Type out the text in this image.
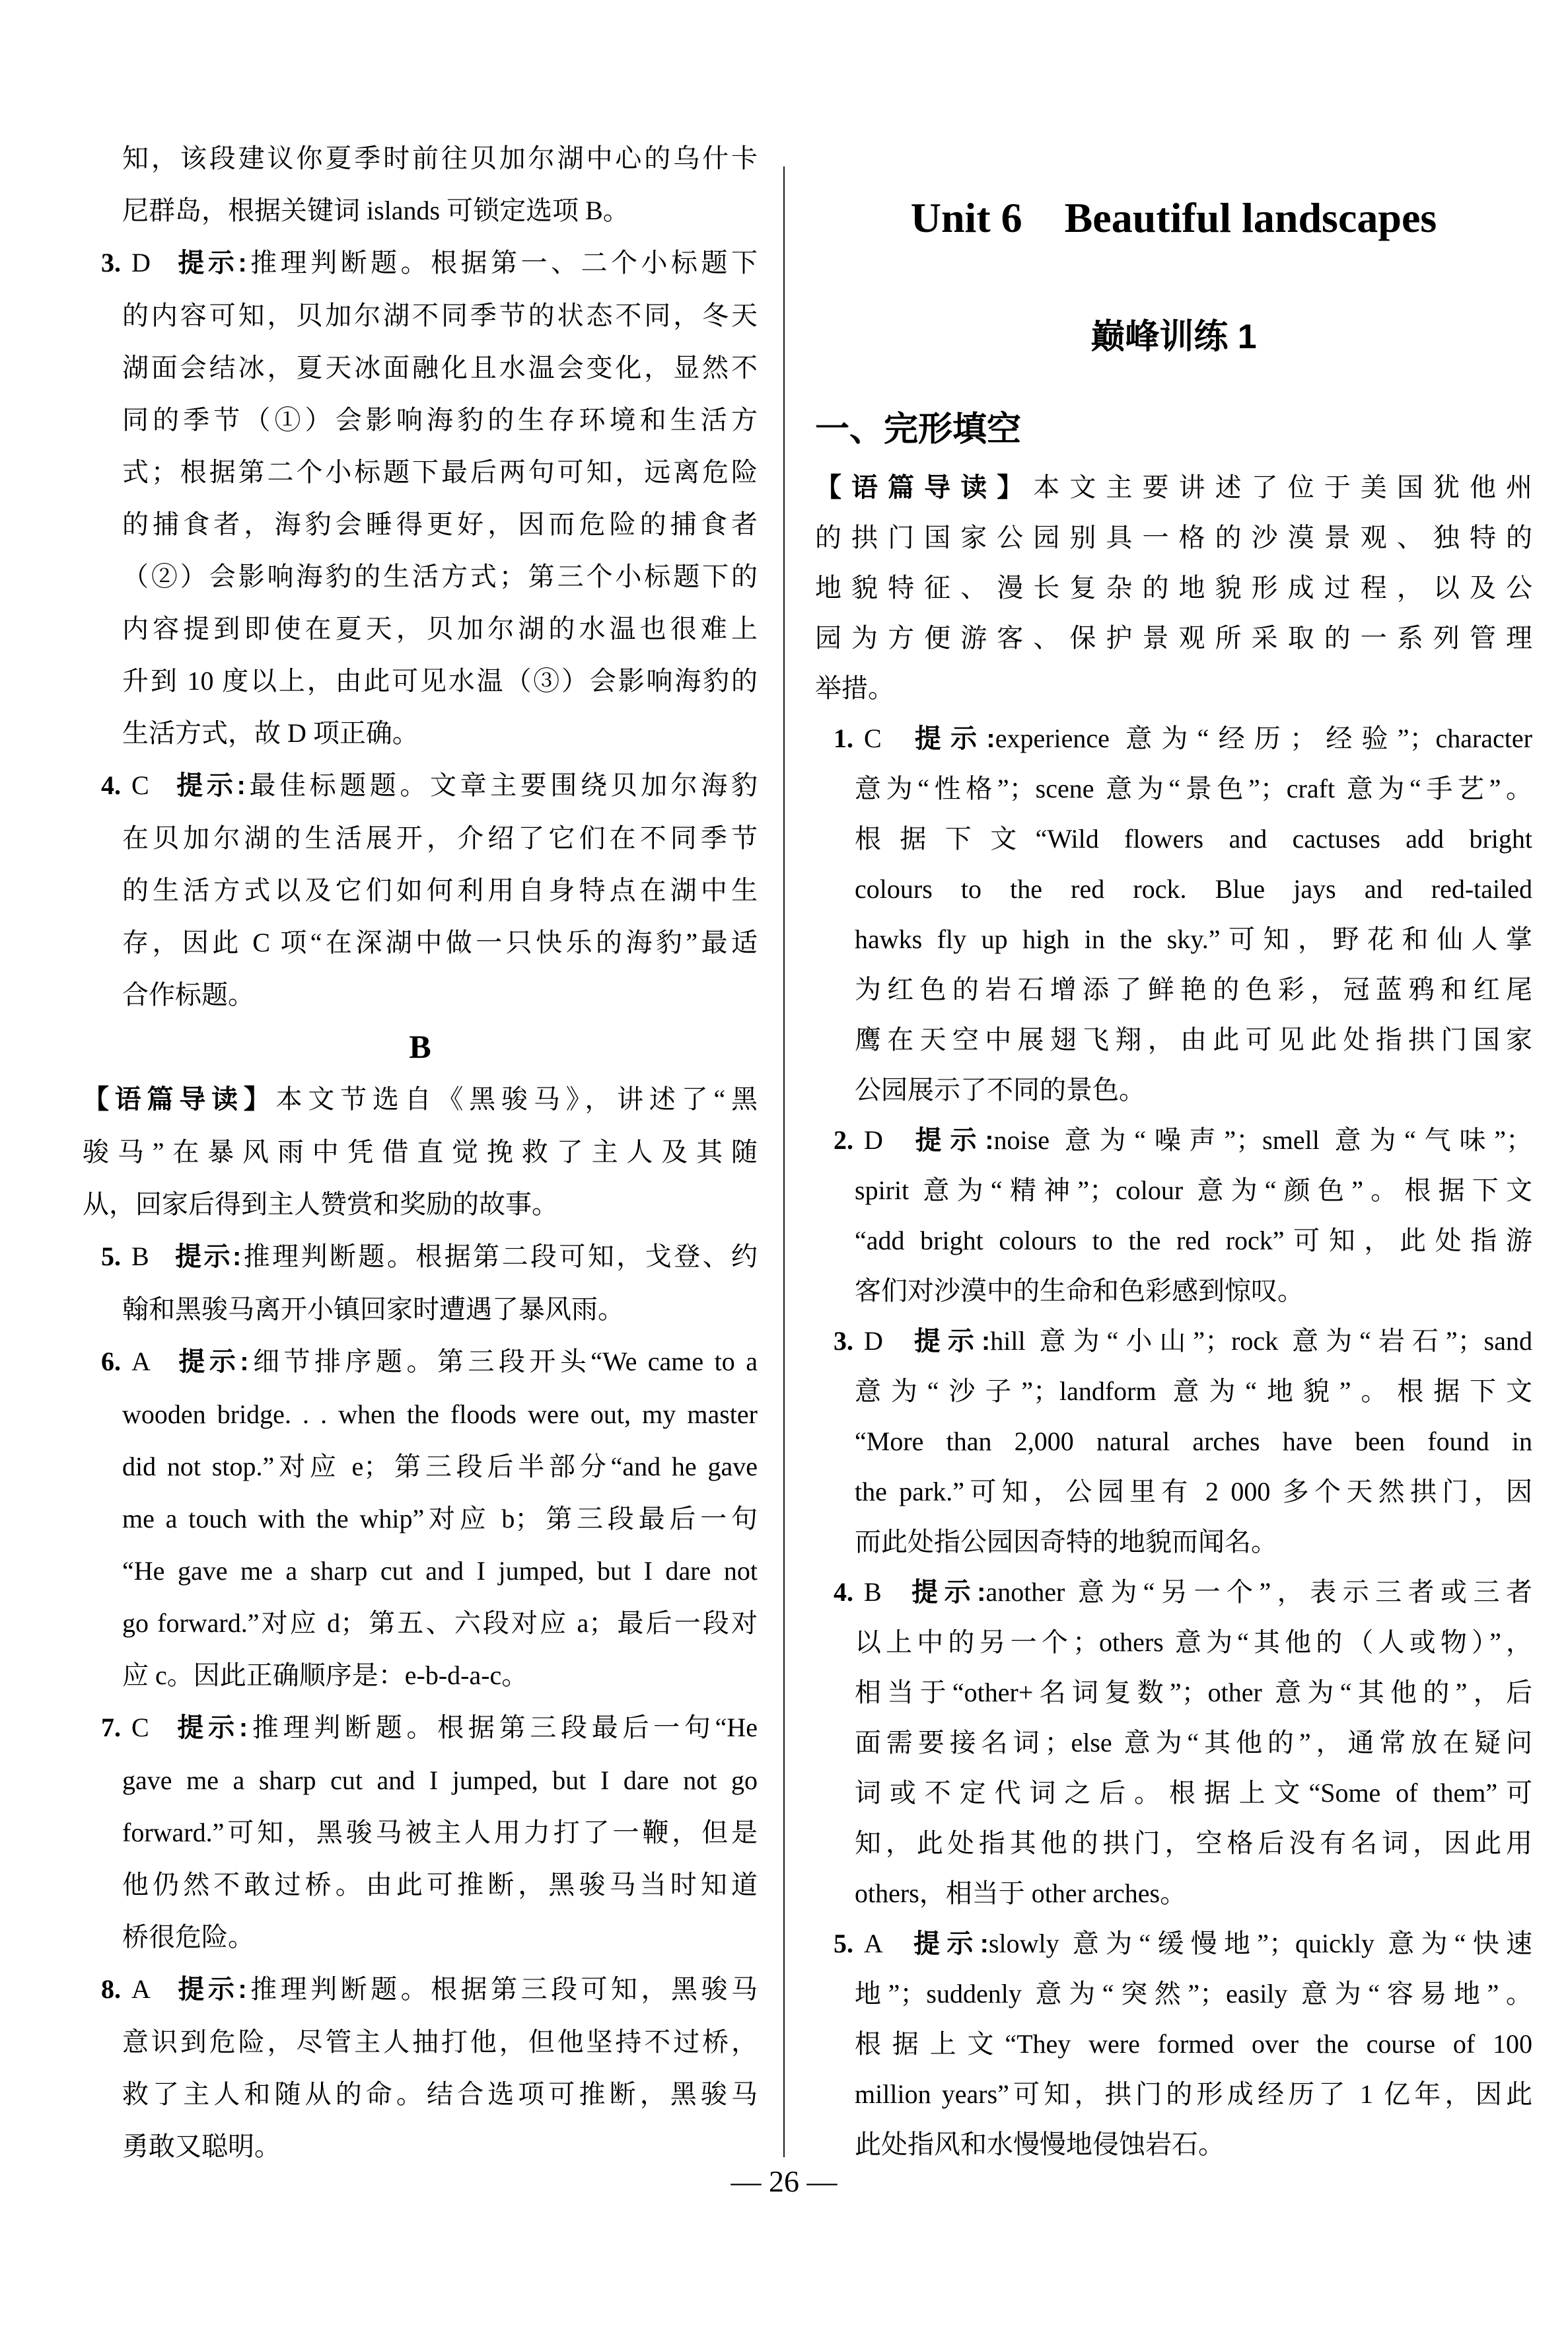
知，该段建议你夏季时前往贝加尔湖中心的乌什卡
尼群岛，根据关键词 islands 可锁定选项 B。
3. D 提示:推理判断题。根据第一、二个小标题下
的内容可知，贝加尔湖不同季节的状态不同，冬天
湖面会结冰，夏天冰面融化且水温会变化，显然不
同的季节（①）会影响海豹的生存环境和生活方
式；根据第二个小标题下最后两句可知，远离危险
的捕食者，海豹会睡得更好，因而危险的捕食者
（②）会影响海豹的生活方式；第三个小标题下的
内容提到即使在夏天，贝加尔湖的水温也很难上
升到 10 度以上，由此可见水温（③）会影响海豹的
生活方式，故 D 项正确。
4. C 提示:最佳标题题。文章主要围绕贝加尔海豹
在贝加尔湖的生活展开，介绍了它们在不同季节
的生活方式以及它们如何利用自身特点在湖中生
存，因此 C 项“在深湖中做一只快乐的海豹”最适
合作标题。
B
【语篇导读】本文节选自《黑骏马》，讲述了“黑
骏马”在暴风雨中凭借直觉挽救了主人及其随
从，回家后得到主人赞赏和奖励的故事。
5. B 提示:推理判断题。根据第二段可知，戈登、约
翰和黑骏马离开小镇回家时遭遇了暴风雨。
6. A 提示:细节排序题。第三段开头“We came to a
wooden bridge. . . when the floods were out, my master
did not stop.”对应 e；第三段后半部分“and he gave
me a touch with the whip”对应 b；第三段最后一句
“He gave me a sharp cut and I jumped, but I dare not
go forward.”对应 d；第五、六段对应 a；最后一段对
应 c。因此正确顺序是：e-b-d-a-c。
7. C 提示:推理判断题。根据第三段最后一句“He
gave me a sharp cut and I jumped, but I dare not go
forward.”可知，黑骏马被主人用力打了一鞭，但是
他仍然不敢过桥。由此可推断，黑骏马当时知道
桥很危险。
8. A 提示:推理判断题。根据第三段可知，黑骏马
意识到危险，尽管主人抽打他，但他坚持不过桥，
救了主人和随从的命。结合选项可推断，黑骏马
勇敢又聪明。
Unit 6　Beautiful landscapes
巅峰训练 1
一、完形填空
【语篇导读】本文主要讲述了位于美国犹他州
的拱门国家公园别具一格的沙漠景观、独特的
地貌特征、漫长复杂的地貌形成过程，以及公
园为方便游客、保护景观所采取的一系列管理
举措。
1. C 提示:experience 意为“经历；经验”；character
意为“性格”；scene 意为“景色”；craft 意为“手艺”。
根据下文“Wild flowers and cactuses add bright
colours to the red rock. Blue jays and red-tailed
hawks fly up high in the sky.”可知，野花和仙人掌
为红色的岩石增添了鲜艳的色彩，冠蓝鸦和红尾
鹰在天空中展翅飞翔，由此可见此处指拱门国家
公园展示了不同的景色。
2. D 提示:noise 意为“噪声”；smell 意为“气味”；
spirit 意为“精神”；colour 意为“颜色”。根据下文
“add bright colours to the red rock”可知，此处指游
客们对沙漠中的生命和色彩感到惊叹。
3. D 提示:hill 意为“小山”；rock 意为“岩石”；sand
意为“沙子”；landform 意为“地貌”。根据下文
“More than 2,000 natural arches have been found in
the park.”可知，公园里有 2 000 多个天然拱门，因
而此处指公园因奇特的地貌而闻名。
4. B 提示:another 意为“另一个”，表示三者或三者
以上中的另一个；others 意为“其他的（人或物）”，
相当于“other+名词复数”；other 意为“其他的”，后
面需要接名词；else 意为“其他的”，通常放在疑问
词或不定代词之后。根据上文“Some of them”可
知，此处指其他的拱门，空格后没有名词，因此用
others，相当于 other arches。
5. A 提示:slowly 意为“缓慢地”；quickly 意为“快速
地”；suddenly 意为“突然”；easily 意为“容易地”。
根据上文“They were formed over the course of 100
million years”可知，拱门的形成经历了 1 亿年，因此
此处指风和水慢慢地侵蚀岩石。
— 26 —
